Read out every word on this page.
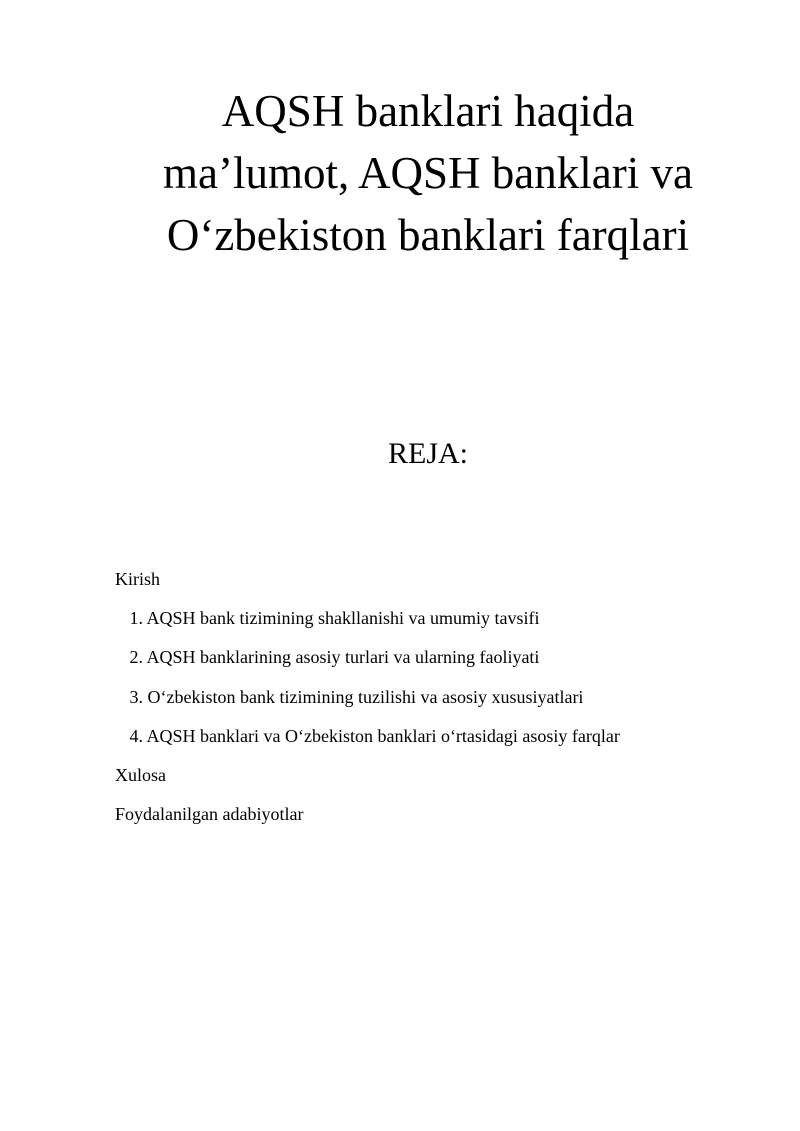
AQSH banklari haqida
ma’lumot, AQSH banklari va
O‘zbekiston banklari farqlari
REJA:
Kirish
1. AQSH bank tizimining shakllanishi va umumiy tavsifi
2. AQSH banklarining asosiy turlari va ularning faoliyati
3. O‘zbekiston bank tizimining tuzilishi va asosiy xususiyatlari
4. AQSH banklari va O‘zbekiston banklari o‘rtasidagi asosiy farqlar
Xulosa
Foydalanilgan adabiyotlar
